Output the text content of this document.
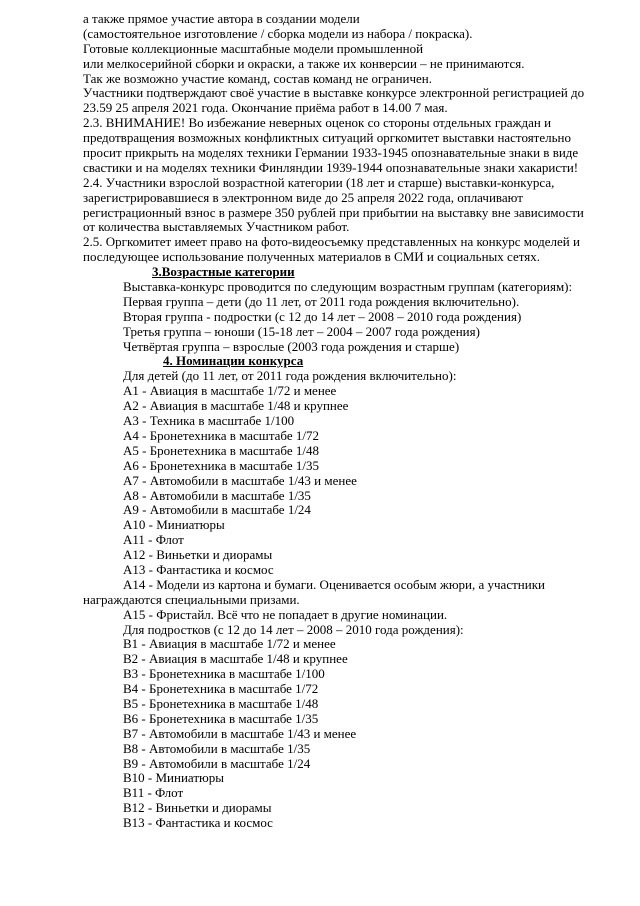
а также прямое участие автора в создании модели
(самостоятельное изготовление / сборка модели из набора / покраска).
Готовые коллекционные масштабные модели промышленной
или мелкосерийной сборки и окраски, а также их конверсии – не принимаются.
Так же возможно участие команд, состав команд не ограничен.
Участники подтверждают своё участие в выставке конкурсе электронной регистрацией до
23.59 25 апреля 2021 года. Окончание приёма работ в 14.00 7 мая.
2.3. ВНИМАНИЕ! Во избежание неверных оценок со стороны отдельных граждан и
предотвращения возможных конфликтных ситуаций оргкомитет выставки настоятельно
просит прикрыть на моделях техники Германии 1933-1945 опознавательные знаки в виде
свастики и на моделях техники Финляндии 1939-1944 опознавательные знаки хакаристи!
2.4. Участники взрослой возрастной категории (18 лет и старше) выставки-конкурса,
зарегистрировавшиеся в электронном виде до 25 апреля 2022 года, оплачивают
регистрационный взнос в размере 350 рублей при прибытии на выставку вне зависимости
от количества выставляемых Участником работ.
2.5. Оргкомитет имеет право на фото-видеосъемку представленных на конкурс моделей и
последующее использование полученных материалов в СМИ и социальных сетях.
3.Возрастные категории
Выставка-конкурс проводится по следующим возрастным группам (категориям):
Первая группа – дети (до 11 лет, от 2011 года рождения включительно).
Вторая группа - подростки (с 12 до 14 лет – 2008 – 2010 года рождения)
Третья группа – юноши (15-18 лет – 2004 – 2007 года рождения)
Четвёртая группа – взрослые (2003 года рождения и старше)
4. Номинации конкурса
Для детей (до 11 лет, от 2011 года рождения включительно):
А1 - Авиация в масштабе 1/72 и менее
А2 - Авиация в масштабе 1/48 и крупнее
А3 - Техника в масштабе 1/100
А4 - Бронетехника в масштабе 1/72
А5 - Бронетехника в масштабе 1/48
А6 - Бронетехника в масштабе 1/35
А7 - Автомобили в масштабе 1/43 и менее
А8 - Автомобили в масштабе 1/35
А9 - Автомобили в масштабе 1/24
А10 - Миниатюры
А11 - Флот
А12 - Виньетки и диорамы
А13 - Фантастика и космос
А14 - Модели из картона и бумаги. Оценивается особым жюри, а участники
награждаются специальными призами.
А15 - Фристайл. Всё что не попадает в другие номинации.
Для подростков (с 12 до 14 лет – 2008 – 2010 года рождения):
В1 - Авиация в масштабе 1/72 и менее
В2 - Авиация в масштабе 1/48 и крупнее
В3 - Бронетехника в масштабе 1/100
В4 - Бронетехника в масштабе 1/72
В5 - Бронетехника в масштабе 1/48
В6 - Бронетехника в масштабе 1/35
В7 - Автомобили в масштабе 1/43 и менее
В8 - Автомобили в масштабе 1/35
В9 - Автомобили в масштабе 1/24
В10 - Миниатюры
В11 - Флот
В12 - Виньетки и диорамы
В13 - Фантастика и космос
